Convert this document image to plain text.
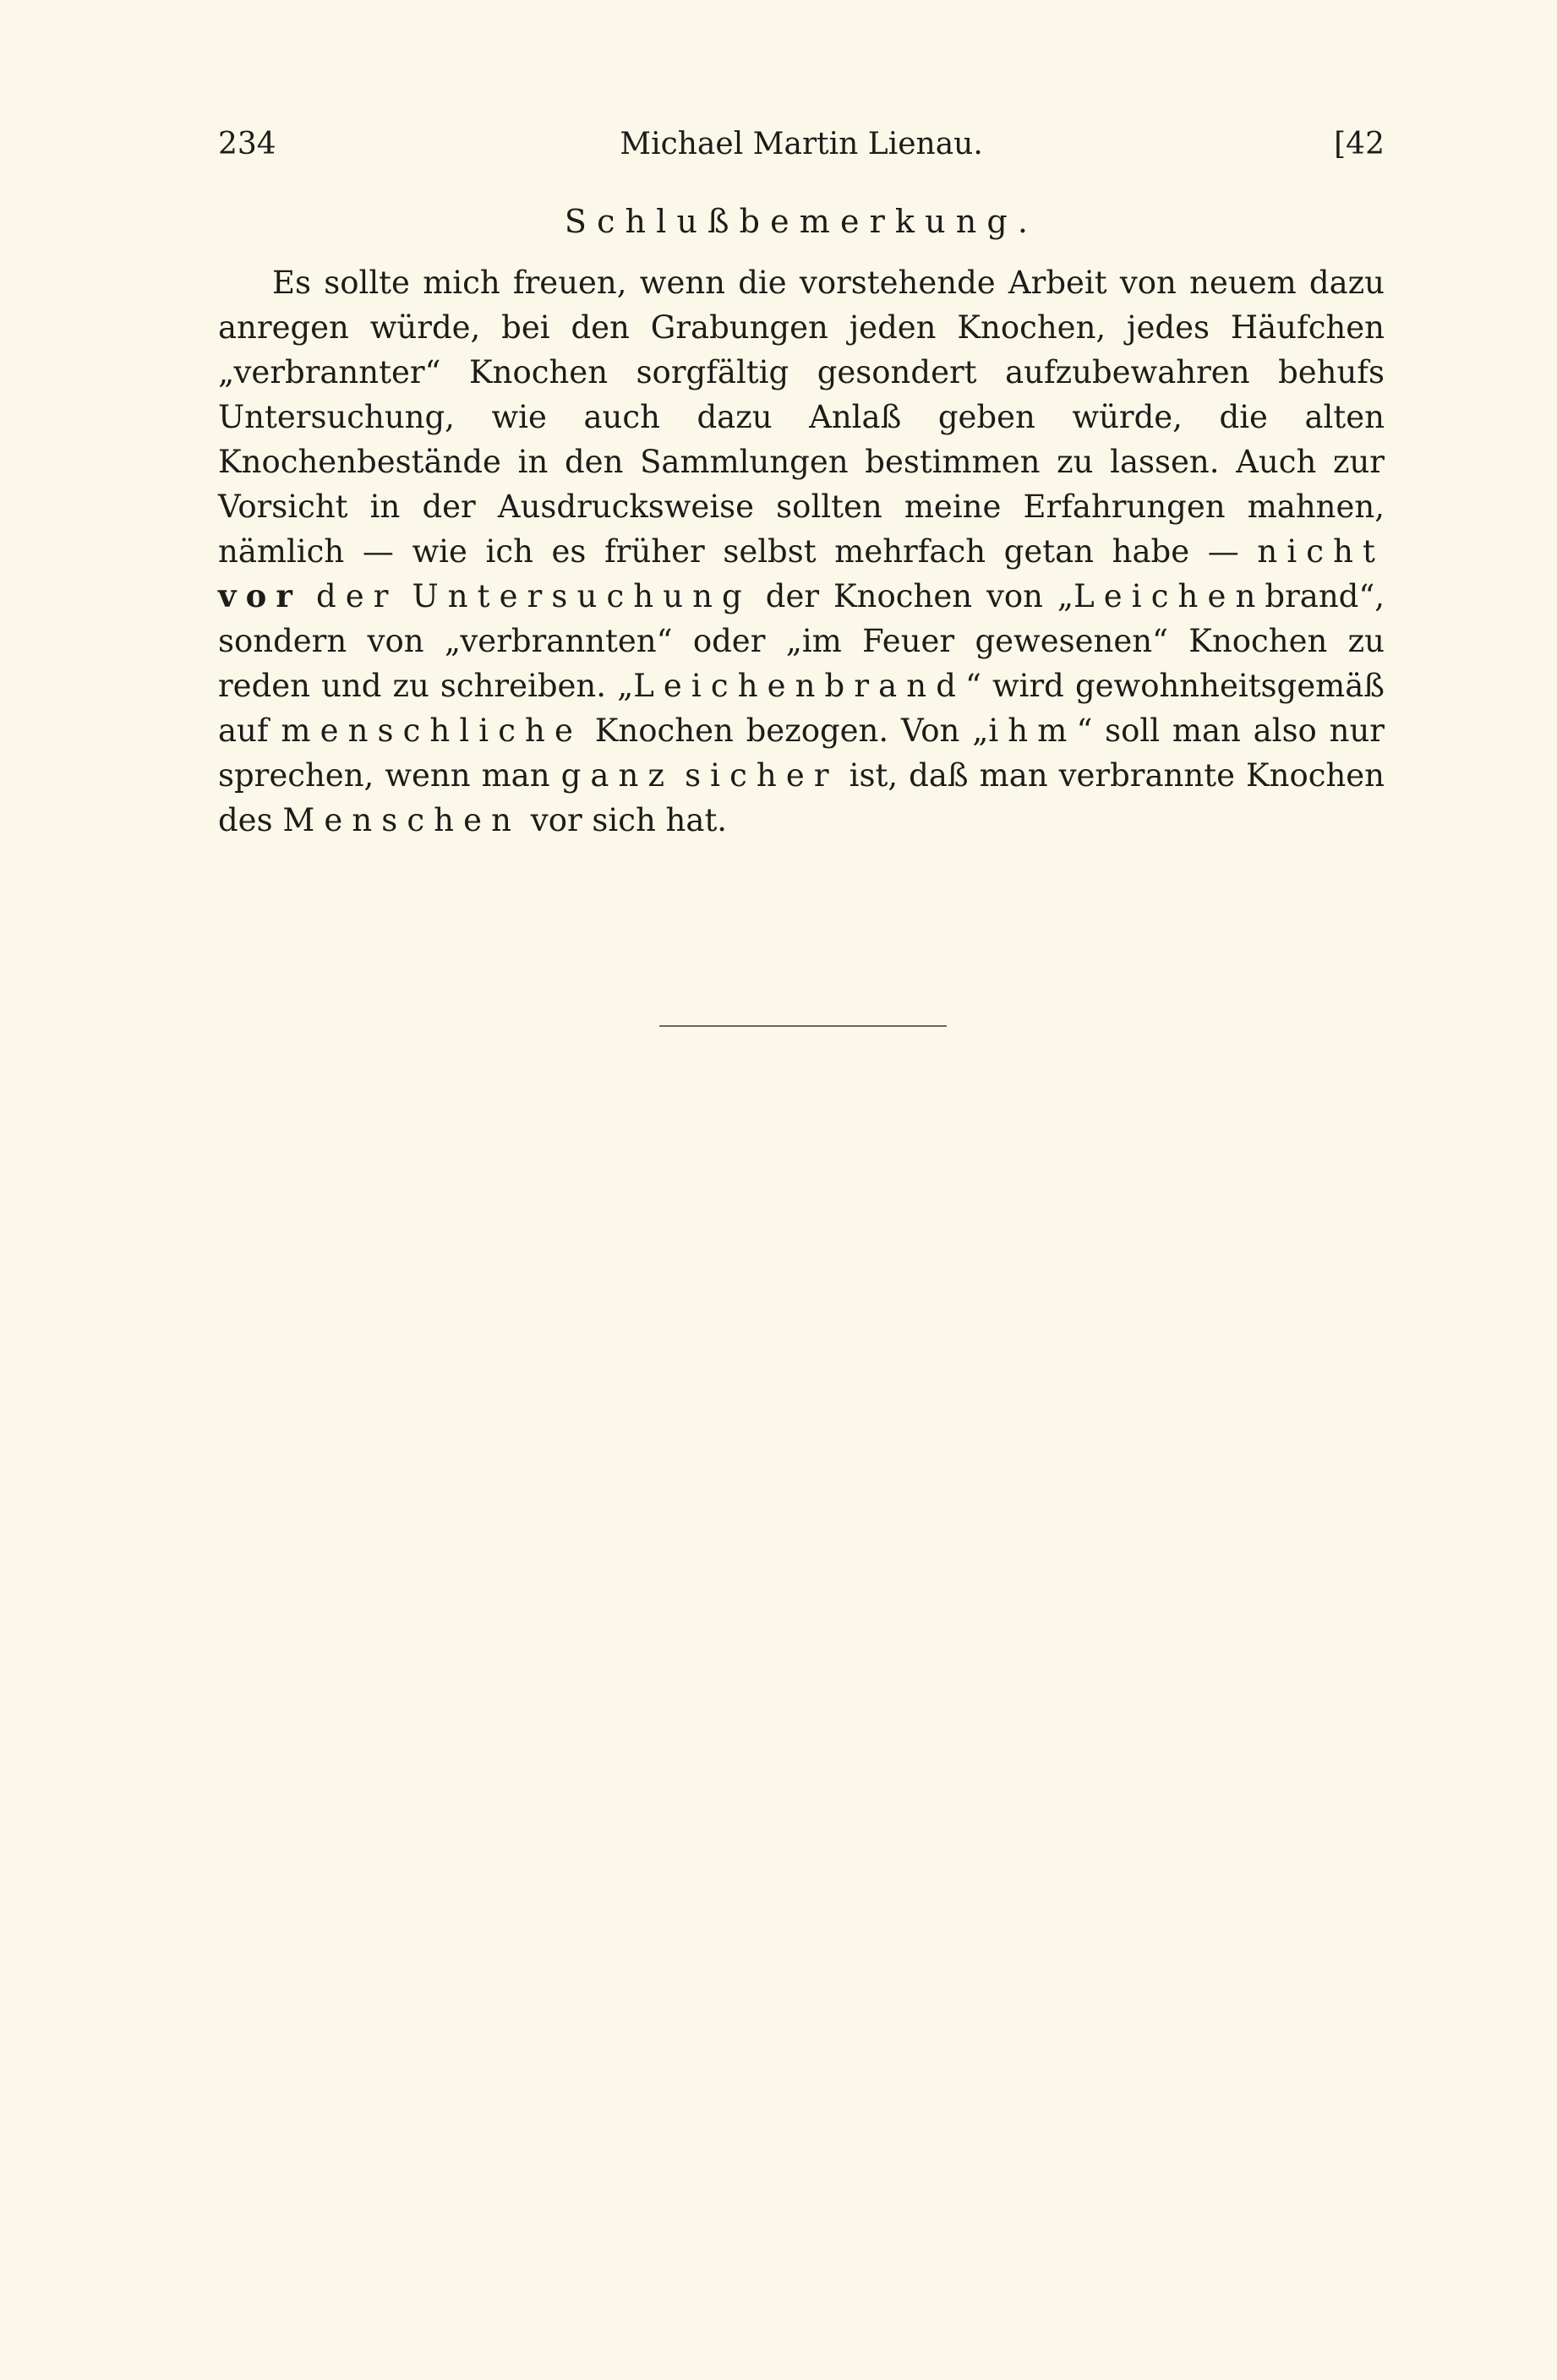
234	Michael Martin Lienau.	[42
Schlußbemerkung.

Es sollte mich freuen, wenn die vorstehende Arbeit von neuem dazu anregen würde, bei den Grabungen jeden Knochen, jedes Häufchen „verbrannter“ Knochen sorgfältig gesondert aufzubewahren behufs Untersuchung, wie auch dazu Anlaß geben würde, die alten Knochenbestände in den Sammlungen bestimmen zu lassen. Auch zur Vorsicht in der Ausdrucksweise sollten meine Erfahrungen mahnen, nämlich — wie ich es früher selbst mehrfach getan habe — nicht vor der Untersuchung der Knochen von „Leichenbrand“, sondern von „verbrannten“ oder „im Feuer gewesenen“ Knochen zu reden und zu schreiben. „Leichenbrand“ wird gewohnheitsgemäß auf menschliche Knochen bezogen. Von „ihm“ soll man also nur sprechen, wenn man ganz sicher ist, daß man verbrannte Knochen des Menschen vor sich hat.
